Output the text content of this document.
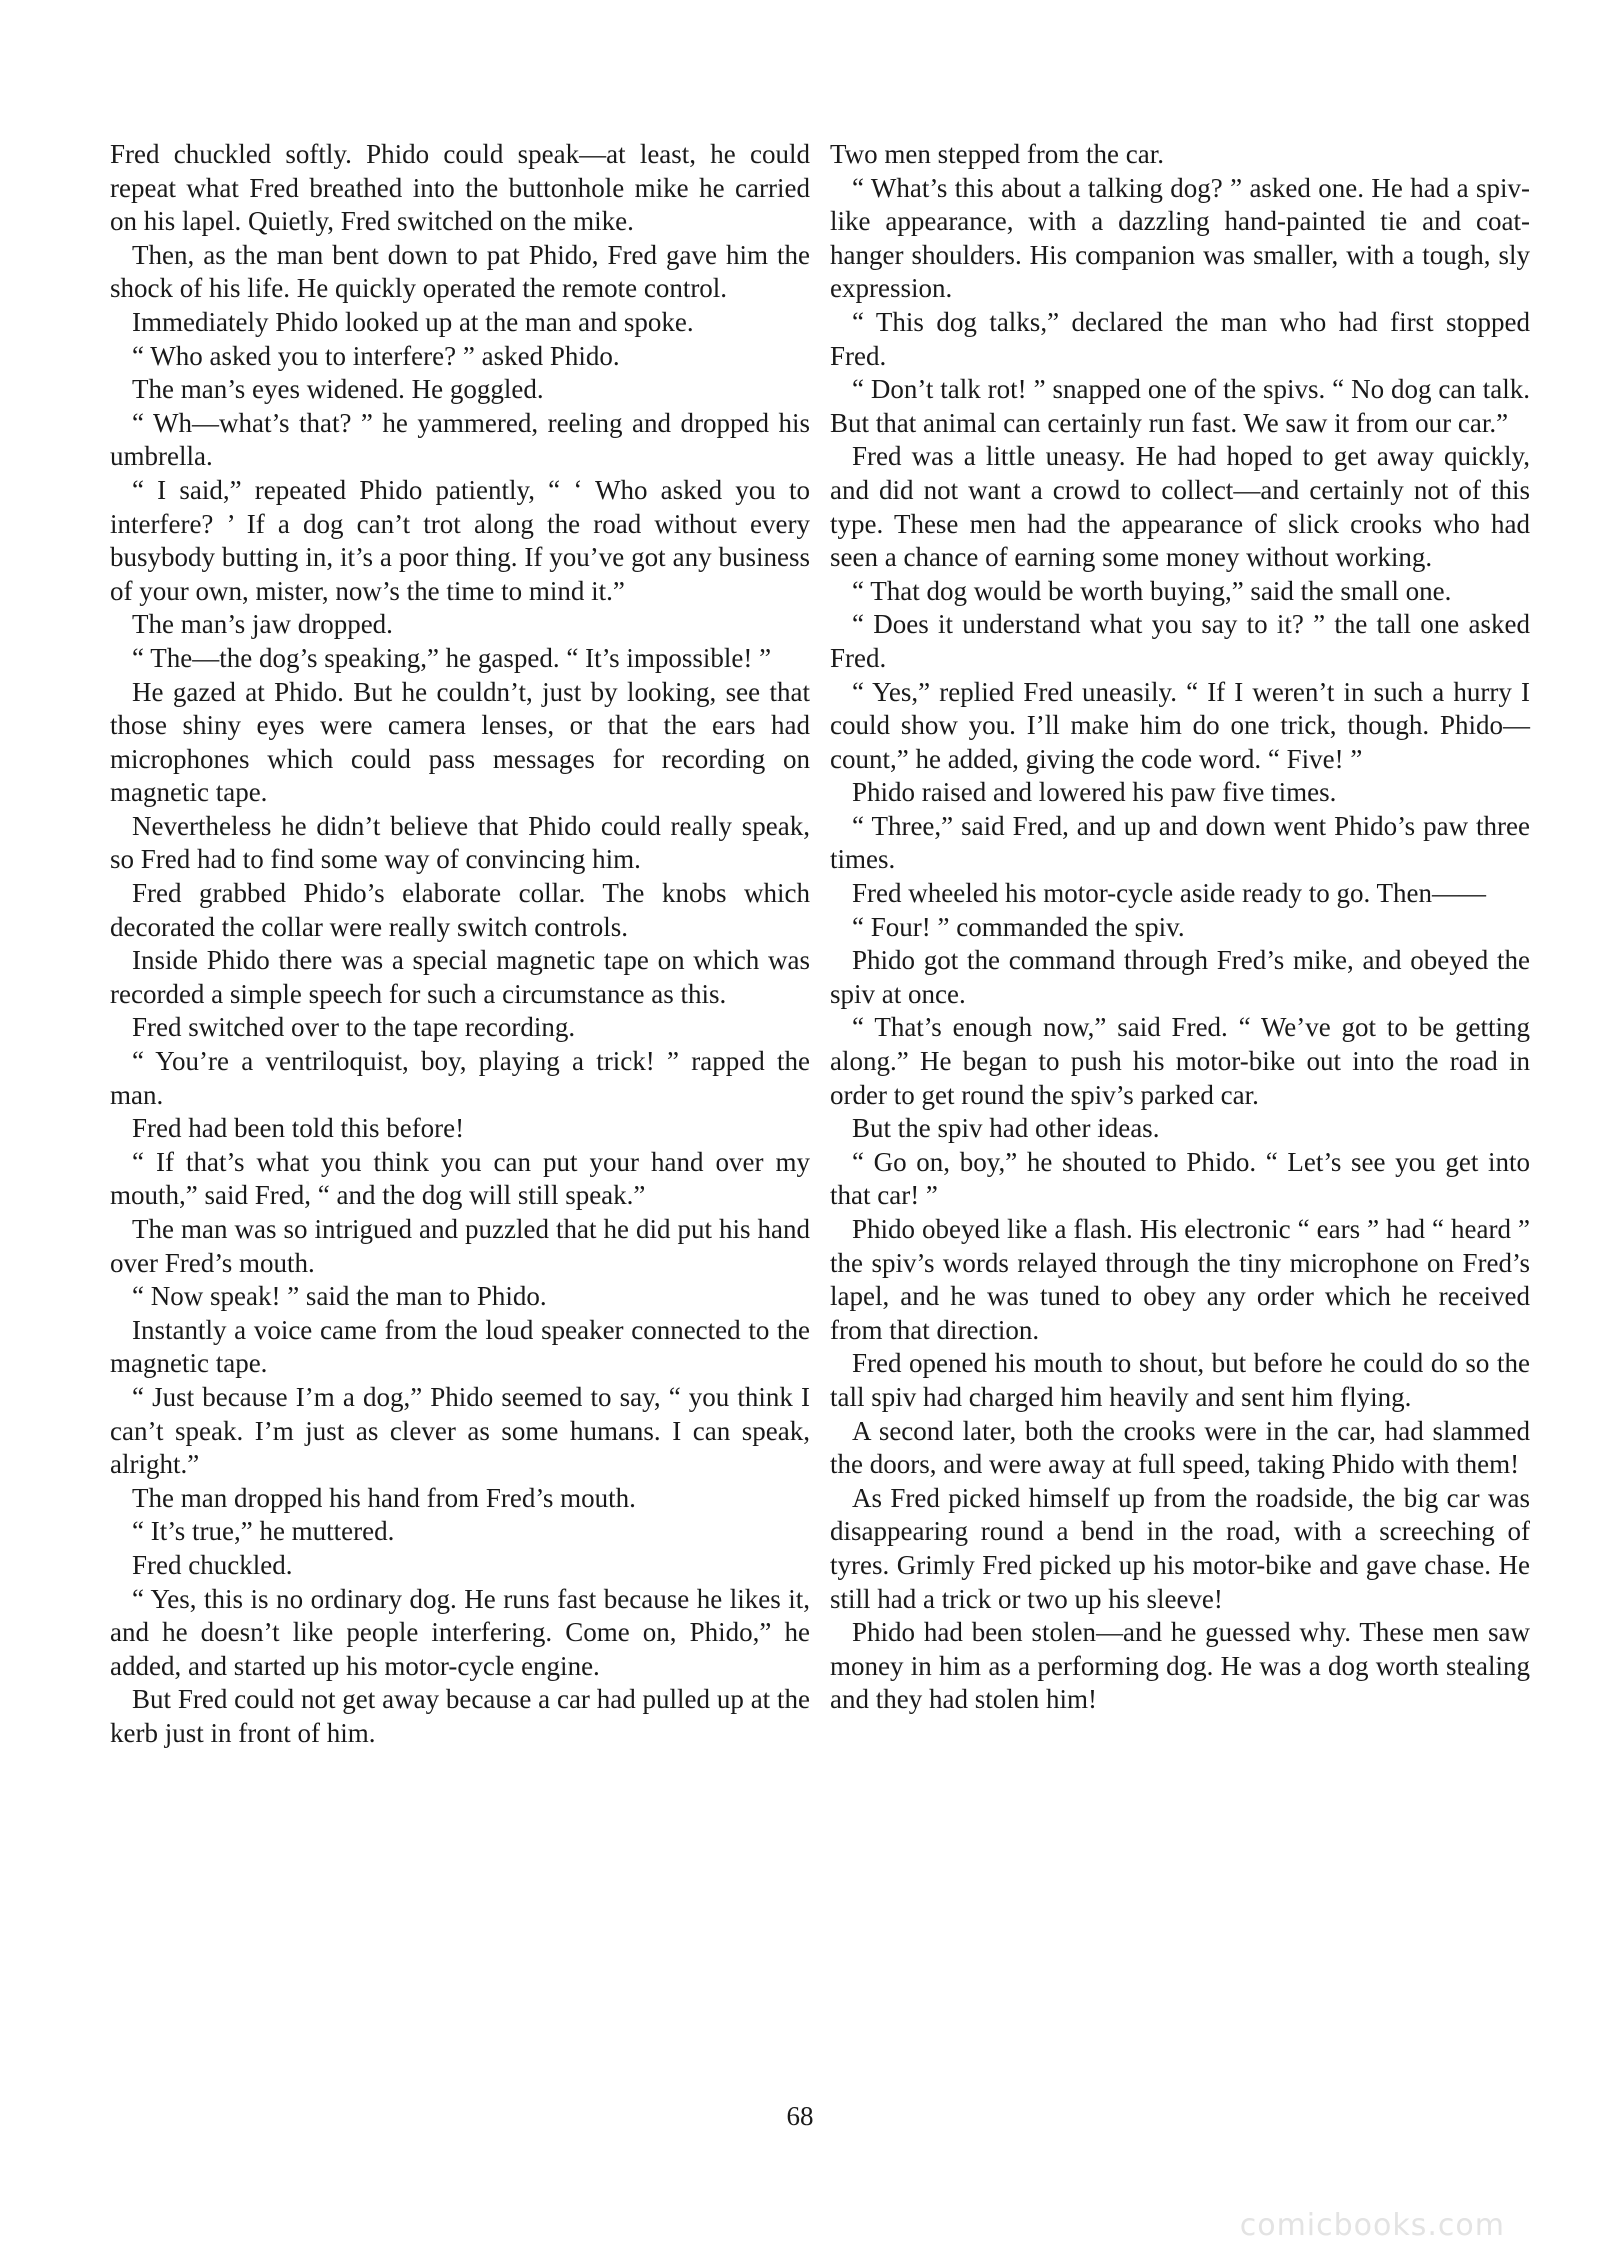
Fred chuckled softly. Phido could speak—at least, he could repeat what Fred breathed into the buttonhole mike he carried on his lapel. Quietly, Fred switched on the mike.

Then, as the man bent down to pat Phido, Fred gave him the shock of his life. He quickly operated the remote control.

Immediately Phido looked up at the man and spoke.

“ Who asked you to interfere? ” asked Phido.

The man’s eyes widened. He goggled.

“ Wh—what’s that? ” he yammered, reeling and dropped his umbrella.

“ I said,” repeated Phido patiently, “ ‘ Who asked you to interfere? ’ If a dog can’t trot along the road without every busybody butting in, it’s a poor thing. If you’ve got any business of your own, mister, now’s the time to mind it.”

The man’s jaw dropped.

“ The—the dog’s speaking,” he gasped. “ It’s impossible! ”

He gazed at Phido. But he couldn’t, just by looking, see that those shiny eyes were camera lenses, or that the ears had microphones which could pass messages for recording on magnetic tape.

Nevertheless he didn’t believe that Phido could really speak, so Fred had to find some way of convincing him.

Fred grabbed Phido’s elaborate collar. The knobs which decorated the collar were really switch controls.

Inside Phido there was a special magnetic tape on which was recorded a simple speech for such a circumstance as this.

Fred switched over to the tape recording.

“ You’re a ventriloquist, boy, playing a trick! ” rapped the man.

Fred had been told this before!

“ If that’s what you think you can put your hand over my mouth,” said Fred, “ and the dog will still speak.”

The man was so intrigued and puzzled that he did put his hand over Fred’s mouth.

“ Now speak! ” said the man to Phido.

Instantly a voice came from the loud speaker connected to the magnetic tape.

“ Just because I’m a dog,” Phido seemed to say, “ you think I can’t speak. I’m just as clever as some humans. I can speak, alright.”

The man dropped his hand from Fred’s mouth.

“ It’s true,” he muttered.

Fred chuckled.

“ Yes, this is no ordinary dog. He runs fast because he likes it, and he doesn’t like people interfering. Come on, Phido,” he added, and started up his motor-cycle engine.

But Fred could not get away because a car had pulled up at the kerb just in front of him.

Two men stepped from the car.

“ What’s this about a talking dog? ” asked one. He had a spiv-like appearance, with a dazzling hand-painted tie and coat-hanger shoulders. His companion was smaller, with a tough, sly expression.

“ This dog talks,” declared the man who had first stopped Fred.

“ Don’t talk rot! ” snapped one of the spivs. “ No dog can talk. But that animal can certainly run fast. We saw it from our car.”

Fred was a little uneasy. He had hoped to get away quickly, and did not want a crowd to collect—and certainly not of this type. These men had the appearance of slick crooks who had seen a chance of earning some money without working.

“ That dog would be worth buying,” said the small one.

“ Does it understand what you say to it? ” the tall one asked Fred.

“ Yes,” replied Fred uneasily. “ If I weren’t in such a hurry I could show you. I’ll make him do one trick, though. Phido—count,” he added, giving the code word. “ Five! ”

Phido raised and lowered his paw five times.

“ Three,” said Fred, and up and down went Phido’s paw three times.

Fred wheeled his motor-cycle aside ready to go. Then——

“ Four! ” commanded the spiv.

Phido got the command through Fred’s mike, and obeyed the spiv at once.

“ That’s enough now,” said Fred. “ We’ve got to be getting along.” He began to push his motor-bike out into the road in order to get round the spiv’s parked car.

But the spiv had other ideas.

“ Go on, boy,” he shouted to Phido. “ Let’s see you get into that car! ”

Phido obeyed like a flash. His electronic “ ears ” had “ heard ” the spiv’s words relayed through the tiny microphone on Fred’s lapel, and he was tuned to obey any order which he received from that direction.

Fred opened his mouth to shout, but before he could do so the tall spiv had charged him heavily and sent him flying.

A second later, both the crooks were in the car, had slammed the doors, and were away at full speed, taking Phido with them!

As Fred picked himself up from the roadside, the big car was disappearing round a bend in the road, with a screeching of tyres. Grimly Fred picked up his motor-bike and gave chase. He still had a trick or two up his sleeve!

Phido had been stolen—and he guessed why. These men saw money in him as a performing dog. He was a dog worth stealing and they had stolen him!

68
comicbooks.com
